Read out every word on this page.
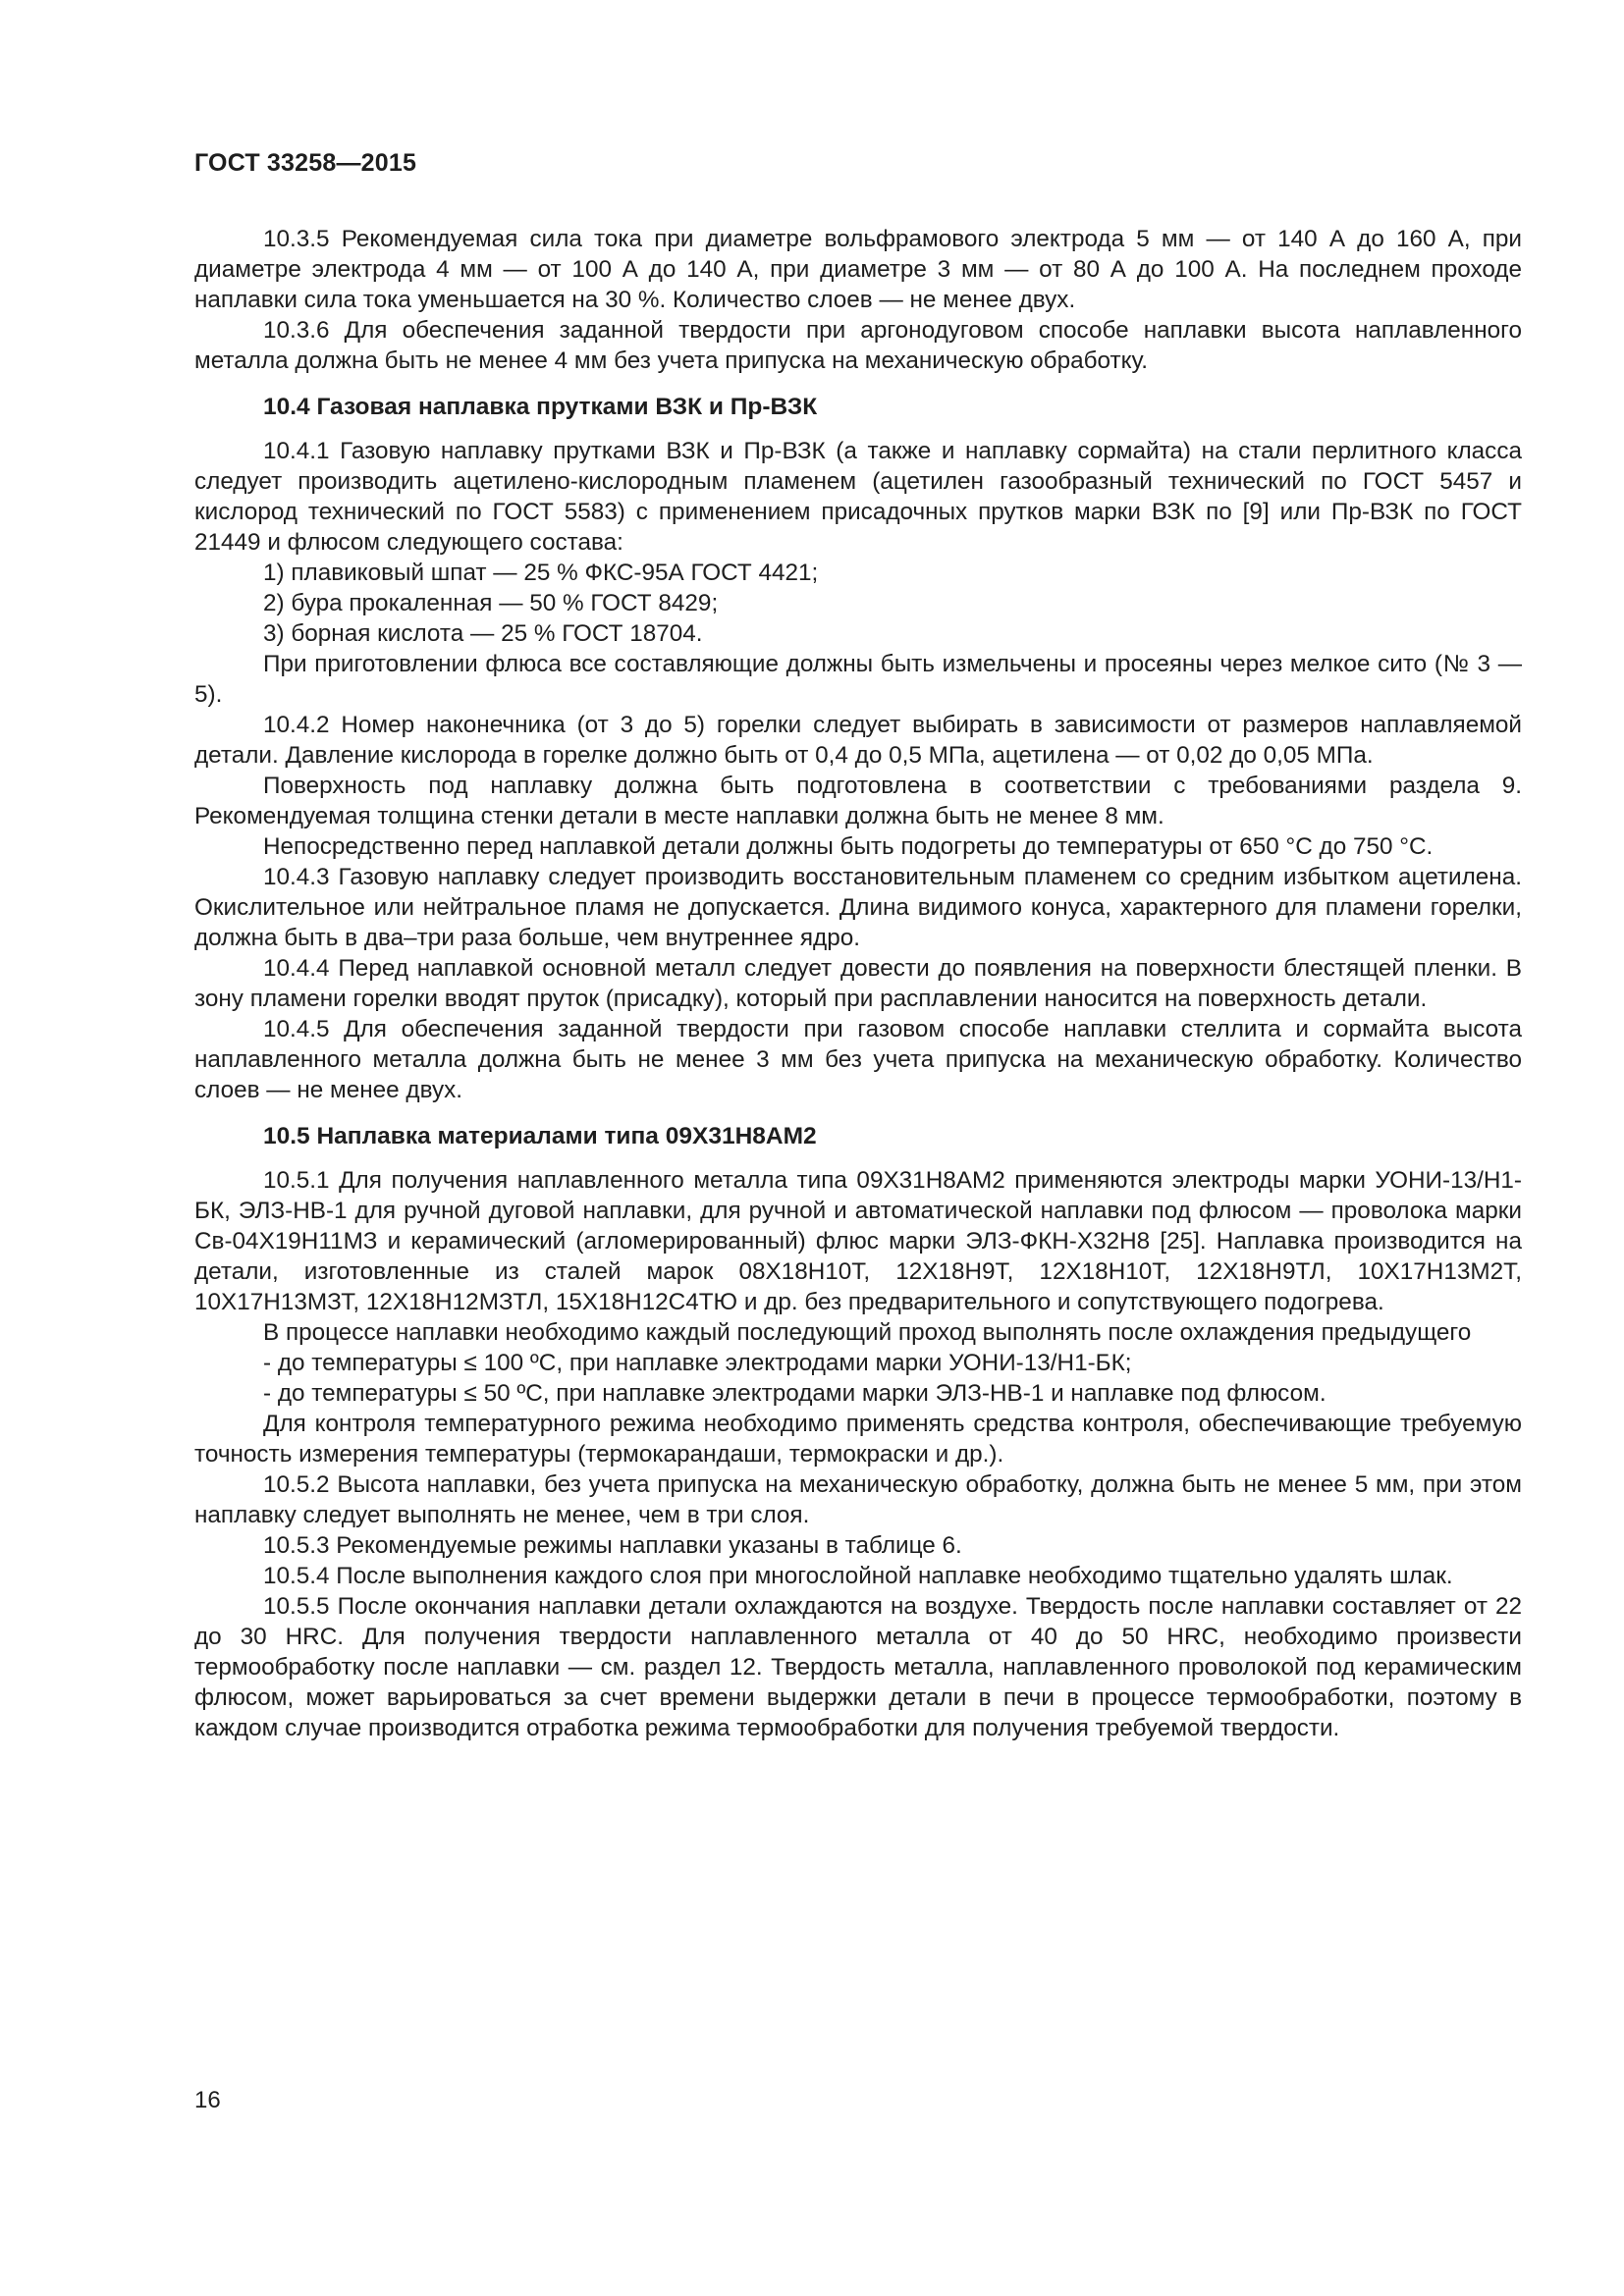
ГОСТ 33258—2015

10.3.5 Рекомендуемая сила тока при диаметре вольфрамового электрода 5 мм — от 140 А до 160 А, при диаметре электрода 4 мм — от 100 А до 140 А, при диаметре 3 мм — от 80 А до 100 А. На последнем проходе наплавки сила тока уменьшается на 30 %. Количество слоев — не менее двух.

10.3.6 Для обеспечения заданной твердости при аргонодуговом способе наплавки высота наплавленного металла должна быть не менее 4 мм без учета припуска на механическую обработку.

10.4 Газовая наплавка прутками ВЗК и Пр-ВЗК

10.4.1 Газовую наплавку прутками ВЗК и Пр-ВЗК (а также и наплавку сормайта) на стали перлитного класса следует производить ацетилено-кислородным пламенем (ацетилен газообразный технический по ГОСТ 5457 и кислород технический по ГОСТ 5583) с применением присадочных прутков марки ВЗК по [9] или Пр-ВЗК по ГОСТ 21449 и флюсом следующего состава:

1) плавиковый шпат — 25 % ФКС-95А ГОСТ 4421;
2) бура прокаленная — 50 % ГОСТ 8429;
3) борная кислота — 25 % ГОСТ 18704.

При приготовлении флюса все составляющие должны быть измельчены и просеяны через мелкое сито (№ 3 — 5).

10.4.2 Номер наконечника (от 3 до 5) горелки следует выбирать в зависимости от размеров наплавляемой детали. Давление кислорода в горелке должно быть от 0,4 до 0,5 МПа, ацетилена — от 0,02 до 0,05 МПа.

Поверхность под наплавку должна быть подготовлена в соответствии с требованиями раздела 9. Рекомендуемая толщина стенки детали в месте наплавки должна быть не менее 8 мм.

Непосредственно перед наплавкой детали должны быть подогреты до температуры от 650 °С до 750 °С.

10.4.3 Газовую наплавку следует производить восстановительным пламенем со средним избытком ацетилена. Окислительное или нейтральное пламя не допускается. Длина видимого конуса, характерного для пламени горелки, должна быть в два–три раза больше, чем внутреннее ядро.

10.4.4 Перед наплавкой основной металл следует довести до появления на поверхности блестящей пленки. В зону пламени горелки вводят пруток (присадку), который при расплавлении наносится на поверхность детали.

10.4.5 Для обеспечения заданной твердости при газовом способе наплавки стеллита и сормайта высота наплавленного металла должна быть не менее 3 мм без учета припуска на механическую обработку. Количество слоев — не менее двух.

10.5 Наплавка материалами типа 09Х31Н8АМ2

10.5.1 Для получения наплавленного металла типа 09Х31Н8АМ2 применяются электроды марки УОНИ-13/Н1-БК, ЭЛЗ-НВ-1 для ручной дуговой наплавки, для ручной и автоматической наплавки под флюсом — проволока марки Св-04Х19Н11МЗ и керамический (агломерированный) флюс марки ЭЛЗ-ФКН-Х32Н8 [25]. Наплавка производится на детали, изготовленные из сталей марок 08Х18Н10Т, 12Х18Н9Т, 12Х18Н10Т, 12Х18Н9ТЛ, 10Х17Н13М2Т, 10Х17Н13МЗТ, 12Х18Н12МЗТЛ, 15Х18Н12С4ТЮ и др. без предварительного и сопутствующего подогрева.

В процессе наплавки необходимо каждый последующий проход выполнять после охлаждения предыдущего

- до температуры ≤ 100 ºС, при наплавке электродами марки УОНИ-13/Н1-БК;
- до температуры ≤ 50 ºС, при наплавке электродами марки ЭЛЗ-НВ-1 и наплавке под флюсом.

Для контроля температурного режима необходимо применять средства контроля, обеспечивающие требуемую точность измерения температуры (термокарандаши, термокраски и др.).

10.5.2 Высота наплавки, без учета припуска на механическую обработку, должна быть не менее 5 мм, при этом наплавку следует выполнять не менее, чем в три слоя.

10.5.3 Рекомендуемые режимы наплавки указаны в таблице 6.

10.5.4 После выполнения каждого слоя при многослойной наплавке необходимо тщательно удалять шлак.

10.5.5 После окончания наплавки детали охлаждаются на воздухе. Твердость после наплавки составляет от 22 до 30 HRC. Для получения твердости наплавленного металла от 40 до 50 HRC, необходимо произвести термообработку после наплавки — см. раздел 12. Твердость металла, наплавленного проволокой под керамическим флюсом, может варьироваться за счет времени выдержки детали в печи в процессе термообработки, поэтому в каждом случае производится отработка режима термообработки для получения требуемой твердости.

16
